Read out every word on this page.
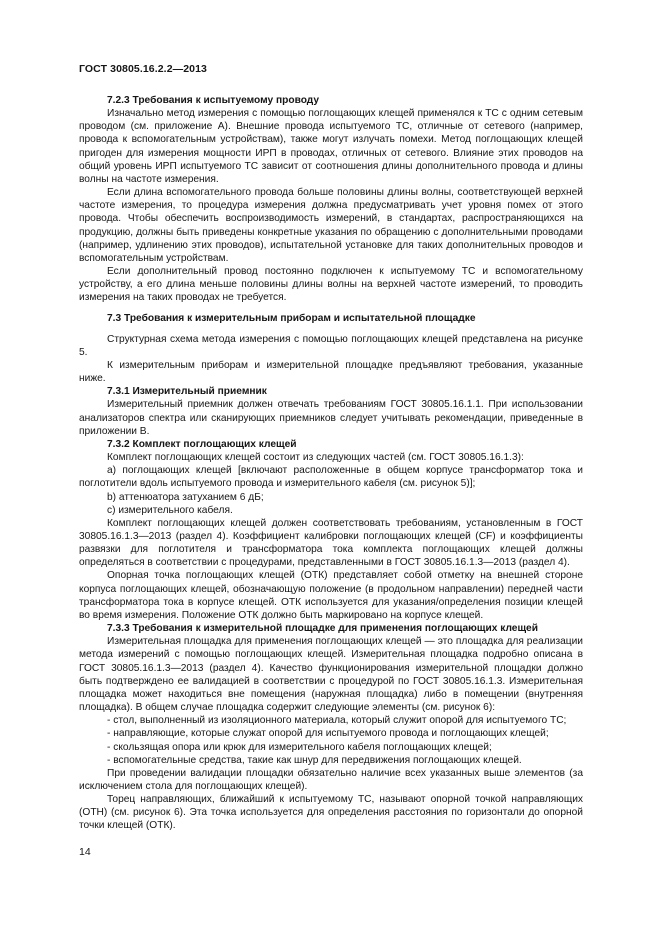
ГОСТ 30805.16.2.2—2013
7.2.3 Требования к испытуемому проводу

Изначально метод измерения с помощью поглощающих клещей применялся к ТС с одним сетевым проводом (см. приложение А). Внешние провода испытуемого ТС, отличные от сетевого (например, провода к вспомогательным устройствам), также могут излучать помехи. Метод поглощающих клещей пригоден для измерения мощности ИРП в проводах, отличных от сетевого. Влияние этих проводов на общий уровень ИРП испытуемого ТС зависит от соотношения длины дополнительного провода и длины волны на частоте измерения.

Если длина вспомогательного провода больше половины длины волны, соответствующей верхней частоте измерения, то процедура измерения должна предусматривать учет уровня помех от этого провода. Чтобы обеспечить воспроизводимость измерений, в стандартах, распространяющихся на продукцию, должны быть приведены конкретные указания по обращению с дополнительными проводами (например, удлинению этих проводов), испытательной установке для таких дополнительных проводов и вспомогательным устройствам.

Если дополнительный провод постоянно подключен к испытуемому ТС и вспомогательному устройству, а его длина меньше половины длины волны на верхней частоте измерений, то проводить измерения на таких проводах не требуется.

7.3 Требования к измерительным приборам и испытательной площадке

Структурная схема метода измерения с помощью поглощающих клещей представлена на рисунке 5.

К измерительным приборам и измерительной площадке предъявляют требования, указанные ниже.

7.3.1 Измерительный приемник

Измерительный приемник должен отвечать требованиям ГОСТ 30805.16.1.1. При использовании анализаторов спектра или сканирующих приемников следует учитывать рекомендации, приведенные в приложении В.

7.3.2 Комплект поглощающих клещей

Комплект поглощающих клещей состоит из следующих частей (см. ГОСТ 30805.16.1.3):

а) поглощающих клещей [включают расположенные в общем корпусе трансформатор тока и поглотители вдоль испытуемого провода и измерительного кабеля (см. рисунок 5)];

b) аттенюатора затуханием 6 дБ;

c) измерительного кабеля.

Комплект поглощающих клещей должен соответствовать требованиям, установленным в ГОСТ 30805.16.1.3—2013 (раздел 4). Коэффициент калибровки поглощающих клещей (CF) и коэффициенты развязки для поглотителя и трансформатора тока комплекта поглощающих клещей должны определяться в соответствии с процедурами, представленными в ГОСТ 30805.16.1.3—2013 (раздел 4).

Опорная точка поглощающих клещей (ОТК) представляет собой отметку на внешней стороне корпуса поглощающих клещей, обозначающую положение (в продольном направлении) передней части трансформатора тока в корпусе клещей. ОТК используется для указания/определения позиции клещей во время измерения. Положение ОТК должно быть маркировано на корпусе клещей.

7.3.3 Требования к измерительной площадке для применения поглощающих клещей

Измерительная площадка для применения поглощающих клещей — это площадка для реализации метода измерений с помощью поглощающих клещей. Измерительная площадка подробно описана в ГОСТ 30805.16.1.3—2013 (раздел 4). Качество функционирования измерительной площадки должно быть подтверждено ее валидацией в соответствии с процедурой по ГОСТ 30805.16.1.3. Измерительная площадка может находиться вне помещения (наружная площадка) либо в помещении (внутренняя площадка). В общем случае площадка содержит следующие элементы (см. рисунок 6):

- стол, выполненный из изоляционного материала, который служит опорой для испытуемого ТС;

- направляющие, которые служат опорой для испытуемого провода и поглощающих клещей;

- скользящая опора или крюк для измерительного кабеля поглощающих клещей;

- вспомогательные средства, такие как шнур для передвижения поглощающих клещей.

При проведении валидации площадки обязательно наличие всех указанных выше элементов (за исключением стола для поглощающих клещей).

Торец направляющих, ближайший к испытуемому ТС, называют опорной точкой направляющих (ОТН) (см. рисунок 6). Эта точка используется для определения расстояния по горизонтали до опорной точки клещей (ОТК).

14
